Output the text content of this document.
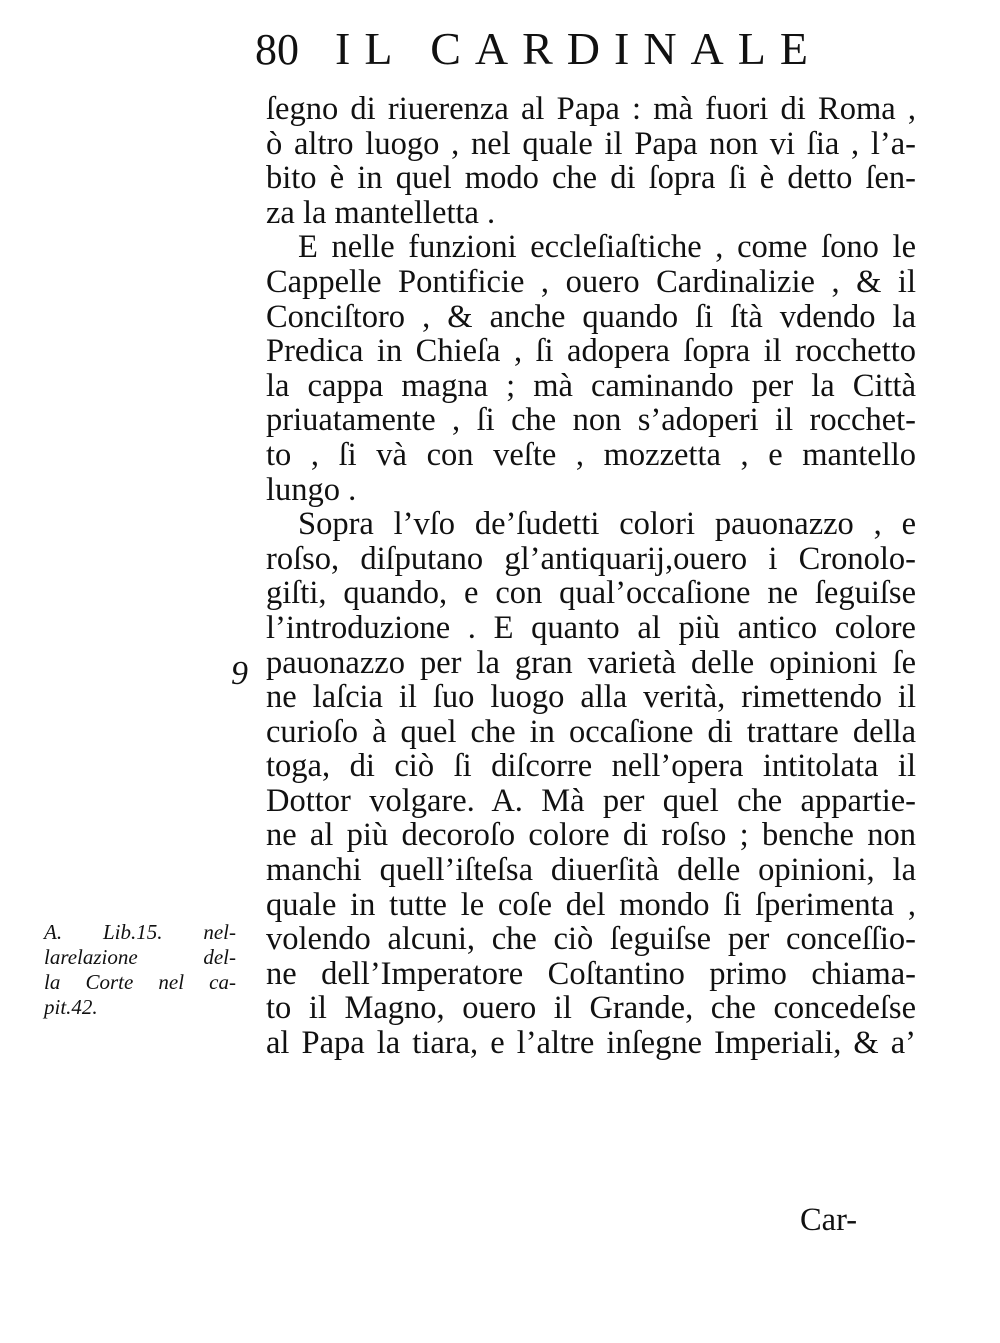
80 IL CARDINALE
ſegno di riuerenza al Papa : mà fuori di Roma ,
ò altro luogo , nel quale il Papa non vi ſia , l’a-
bito è in quel modo che di ſopra ſi è detto ſen-
za la mantelletta .
E nelle funzioni eccleſiaſtiche , come ſono le
Cappelle Pontificie , ouero Cardinalizie , & il
Conciſtoro , & anche quando ſi ſtà vdendo la
Predica in Chieſa , ſi adopera ſopra il rocchetto
la cappa magna ; mà caminando per la Città
priuatamente , ſi che non s’adoperi il rocchet-
to , ſi và con veſte , mozzetta , e mantello
lungo .
Sopra l’vſo de’ſudetti colori pauonazzo , e
roſso, diſputano gl’antiquarij,ouero i Cronolo-
giſti, quando, e con qual’occaſione ne ſeguiſse
l’introduzione . E quanto al più antico colore
pauonazzo per la gran varietà delle opinioni ſe
ne laſcia il ſuo luogo alla verità, rimettendo il
curioſo à quel che in occaſione di trattare della
toga, di ciò ſi diſcorre nell’opera intitolata il
Dottor volgare. A. Mà per quel che appartie-
ne al più decoroſo colore di roſso ; benche non
manchi quell’iſteſsa diuerſità delle opinioni, la
quale in tutte le coſe del mondo ſi ſperimenta ,
volendo alcuni, che ciò ſeguiſse per conceſſio-
ne dell’Imperatore Coſtantino primo chiama-
to il Magno, ouero il Grande, che concedeſse
al Papa la tiara, e l’altre inſegne Imperiali, & a’
9
A. Lib.15. nel-
larelazione del-
la Corte nel ca-
pit.42.
Car-
